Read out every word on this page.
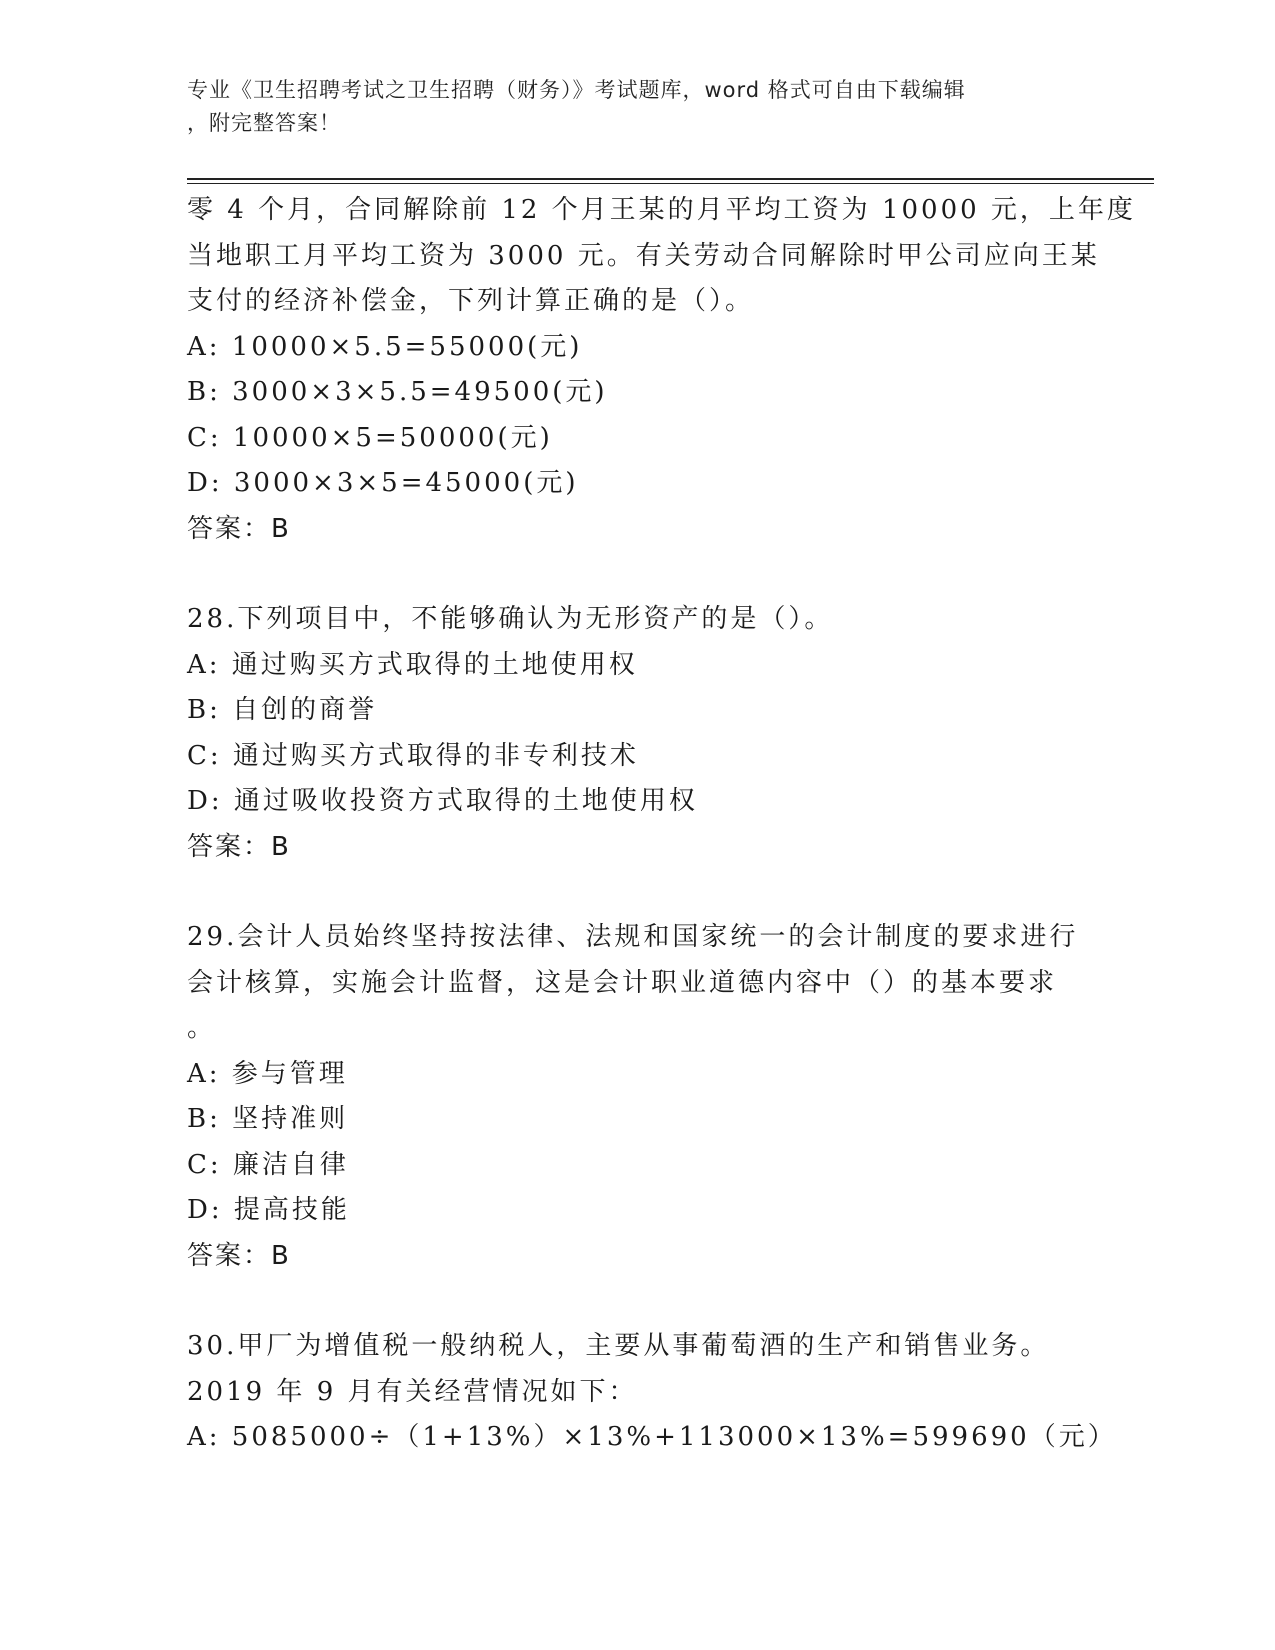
专业《卫生招聘考试之卫生招聘（财务）》考试题库，word 格式可自由下载编辑
，附完整答案！
零 4 个月，合同解除前 12 个月王某的月平均工资为 10000 元，上年度
当地职工月平均工资为 3000 元。有关劳动合同解除时甲公司应向王某
支付的经济补偿金，下列计算正确的是（）。
A: 10000×5.5=55000(元)
B: 3000×3×5.5=49500(元)
C: 10000×5=50000(元)
D: 3000×3×5=45000(元)
答案：B
28.下列项目中，不能够确认为无形资产的是（）。
A: 通过购买方式取得的土地使用权
B: 自创的商誉
C: 通过购买方式取得的非专利技术
D: 通过吸收投资方式取得的土地使用权
答案：B
29.会计人员始终坚持按法律、法规和国家统一的会计制度的要求进行
会计核算，实施会计监督，这是会计职业道德内容中（）的基本要求
。
A: 参与管理
B: 坚持准则
C: 廉洁自律
D: 提高技能
答案：B
30.甲厂为增值税一般纳税人，主要从事葡萄酒的生产和销售业务。
2019 年 9 月有关经营情况如下：
A: 5085000÷（1+13%）×13%+113000×13%=599690（元）
